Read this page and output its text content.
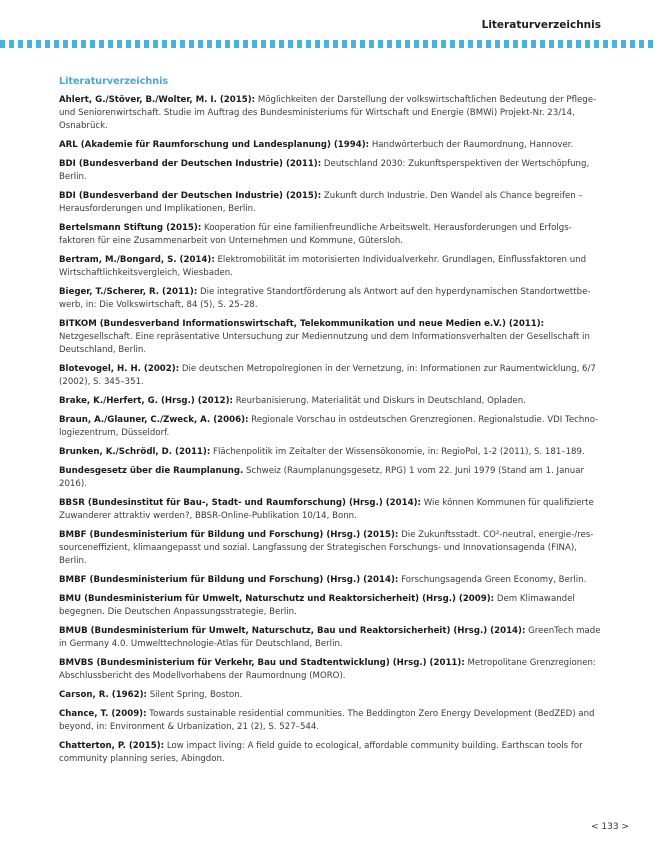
Literaturverzeichnis
Literaturverzeichnis

Ahlert, G./Stöver, B./Wolter, M. I. (2015): Möglichkeiten der Darstellung der volkswirtschaftlichen Bedeutung der Pflege- und Seniorenwirtschaft. Studie im Auftrag des Bundesministeriums für Wirtschaft und Energie (BMWi) Projekt-Nr. 23/14, Osnabrück.

ARL (Akademie für Raumforschung und Landesplanung) (1994): Handwörterbuch der Raumordnung, Hannover.

BDI (Bundesverband der Deutschen Industrie) (2011): Deutschland 2030: Zukunftsperspektiven der Wertschöpfung, Berlin.

BDI (Bundesverband der Deutschen Industrie) (2015): Zukunft durch Industrie. Den Wandel als Chance begreifen – Herausforderungen und Implikationen, Berlin.

Bertelsmann Stiftung (2015): Kooperation für eine familienfreundliche Arbeitswelt. Herausforderungen und Erfolgs-faktoren für eine Zusammenarbeit von Unternehmen und Kommune, Gütersloh.

Bertram, M./Bongard, S. (2014): Elektromobilität im motorisierten Individualverkehr. Grundlagen, Einflussfaktoren und Wirtschaftlichkeitsvergleich, Wiesbaden.

Bieger, T./Scherer, R. (2011): Die integrative Standortförderung als Antwort auf den hyperdynamischen Standortwettbe-werb, in: Die Volkswirtschaft, 84 (5), S. 25–28.

BITKOM (Bundesverband Informationswirtschaft, Telekommunikation und neue Medien e.V.) (2011): Netzgesellschaft. Eine repräsentative Untersuchung zur Mediennutzung und dem Informationsverhalten der Gesellschaft in Deutschland, Berlin.

Blotevogel, H. H. (2002): Die deutschen Metropolregionen in der Vernetzung, in: Informationen zur Raumentwicklung, 6/7 (2002), S. 345–351.

Brake, K./Herfert, G. (Hrsg.) (2012): Reurbanisierung. Materialität und Diskurs in Deutschland, Opladen.

Braun, A./Glauner, C./Zweck, A. (2006): Regionale Vorschau in ostdeutschen Grenzregionen. Regionalstudie. VDI Techno-logiezentrum, Düsseldorf.

Brunken, K./Schrödl, D. (2011): Flächenpolitik im Zeitalter der Wissensökonomie, in: RegioPol, 1-2 (2011), S. 181–189.

Bundesgesetz über die Raumplanung. Schweiz (Raumplanungsgesetz, RPG) 1 vom 22. Juni 1979 (Stand am 1. Januar 2016).

BBSR (Bundesinstitut für Bau-, Stadt- und Raumforschung) (Hrsg.) (2014): Wie können Kommunen für qualifizierte Zuwanderer attraktiv werden?, BBSR-Online-Publikation 10/14, Bonn.

BMBF (Bundesministerium für Bildung und Forschung) (Hrsg.) (2015): Die Zukunftsstadt. CO²-neutral, energie-/res-sourceneffizient, klimaangepasst und sozial. Langfassung der Strategischen Forschungs- und Innovationsagenda (FINA), Berlin.

BMBF (Bundesministerium für Bildung und Forschung) (Hrsg.) (2014): Forschungsagenda Green Economy, Berlin.

BMU (Bundesministerium für Umwelt, Naturschutz und Reaktorsicherheit) (Hrsg.) (2009): Dem Klimawandel begegnen. Die Deutschen Anpassungsstrategie, Berlin.

BMUB (Bundesministerium für Umwelt, Naturschutz, Bau und Reaktorsicherheit) (Hrsg.) (2014): GreenTech made in Germany 4.0. Umwelttechnologie-Atlas für Deutschland, Berlin.

BMVBS (Bundesministerium für Verkehr, Bau und Stadtentwicklung) (Hrsg.) (2011): Metropolitane Grenzregionen: Abschlussbericht des Modellvorhabens der Raumordnung (MORO).

Carson, R. (1962): Silent Spring, Boston.

Chance, T. (2009): Towards sustainable residential communities. The Beddington Zero Energy Development (BedZED) and beyond, in: Environment & Urbanization, 21 (2), S. 527–544.

Chatterton, P. (2015): Low impact living: A field guide to ecological, affordable community building. Earthscan tools for community planning series, Abingdon.

< 133 >
